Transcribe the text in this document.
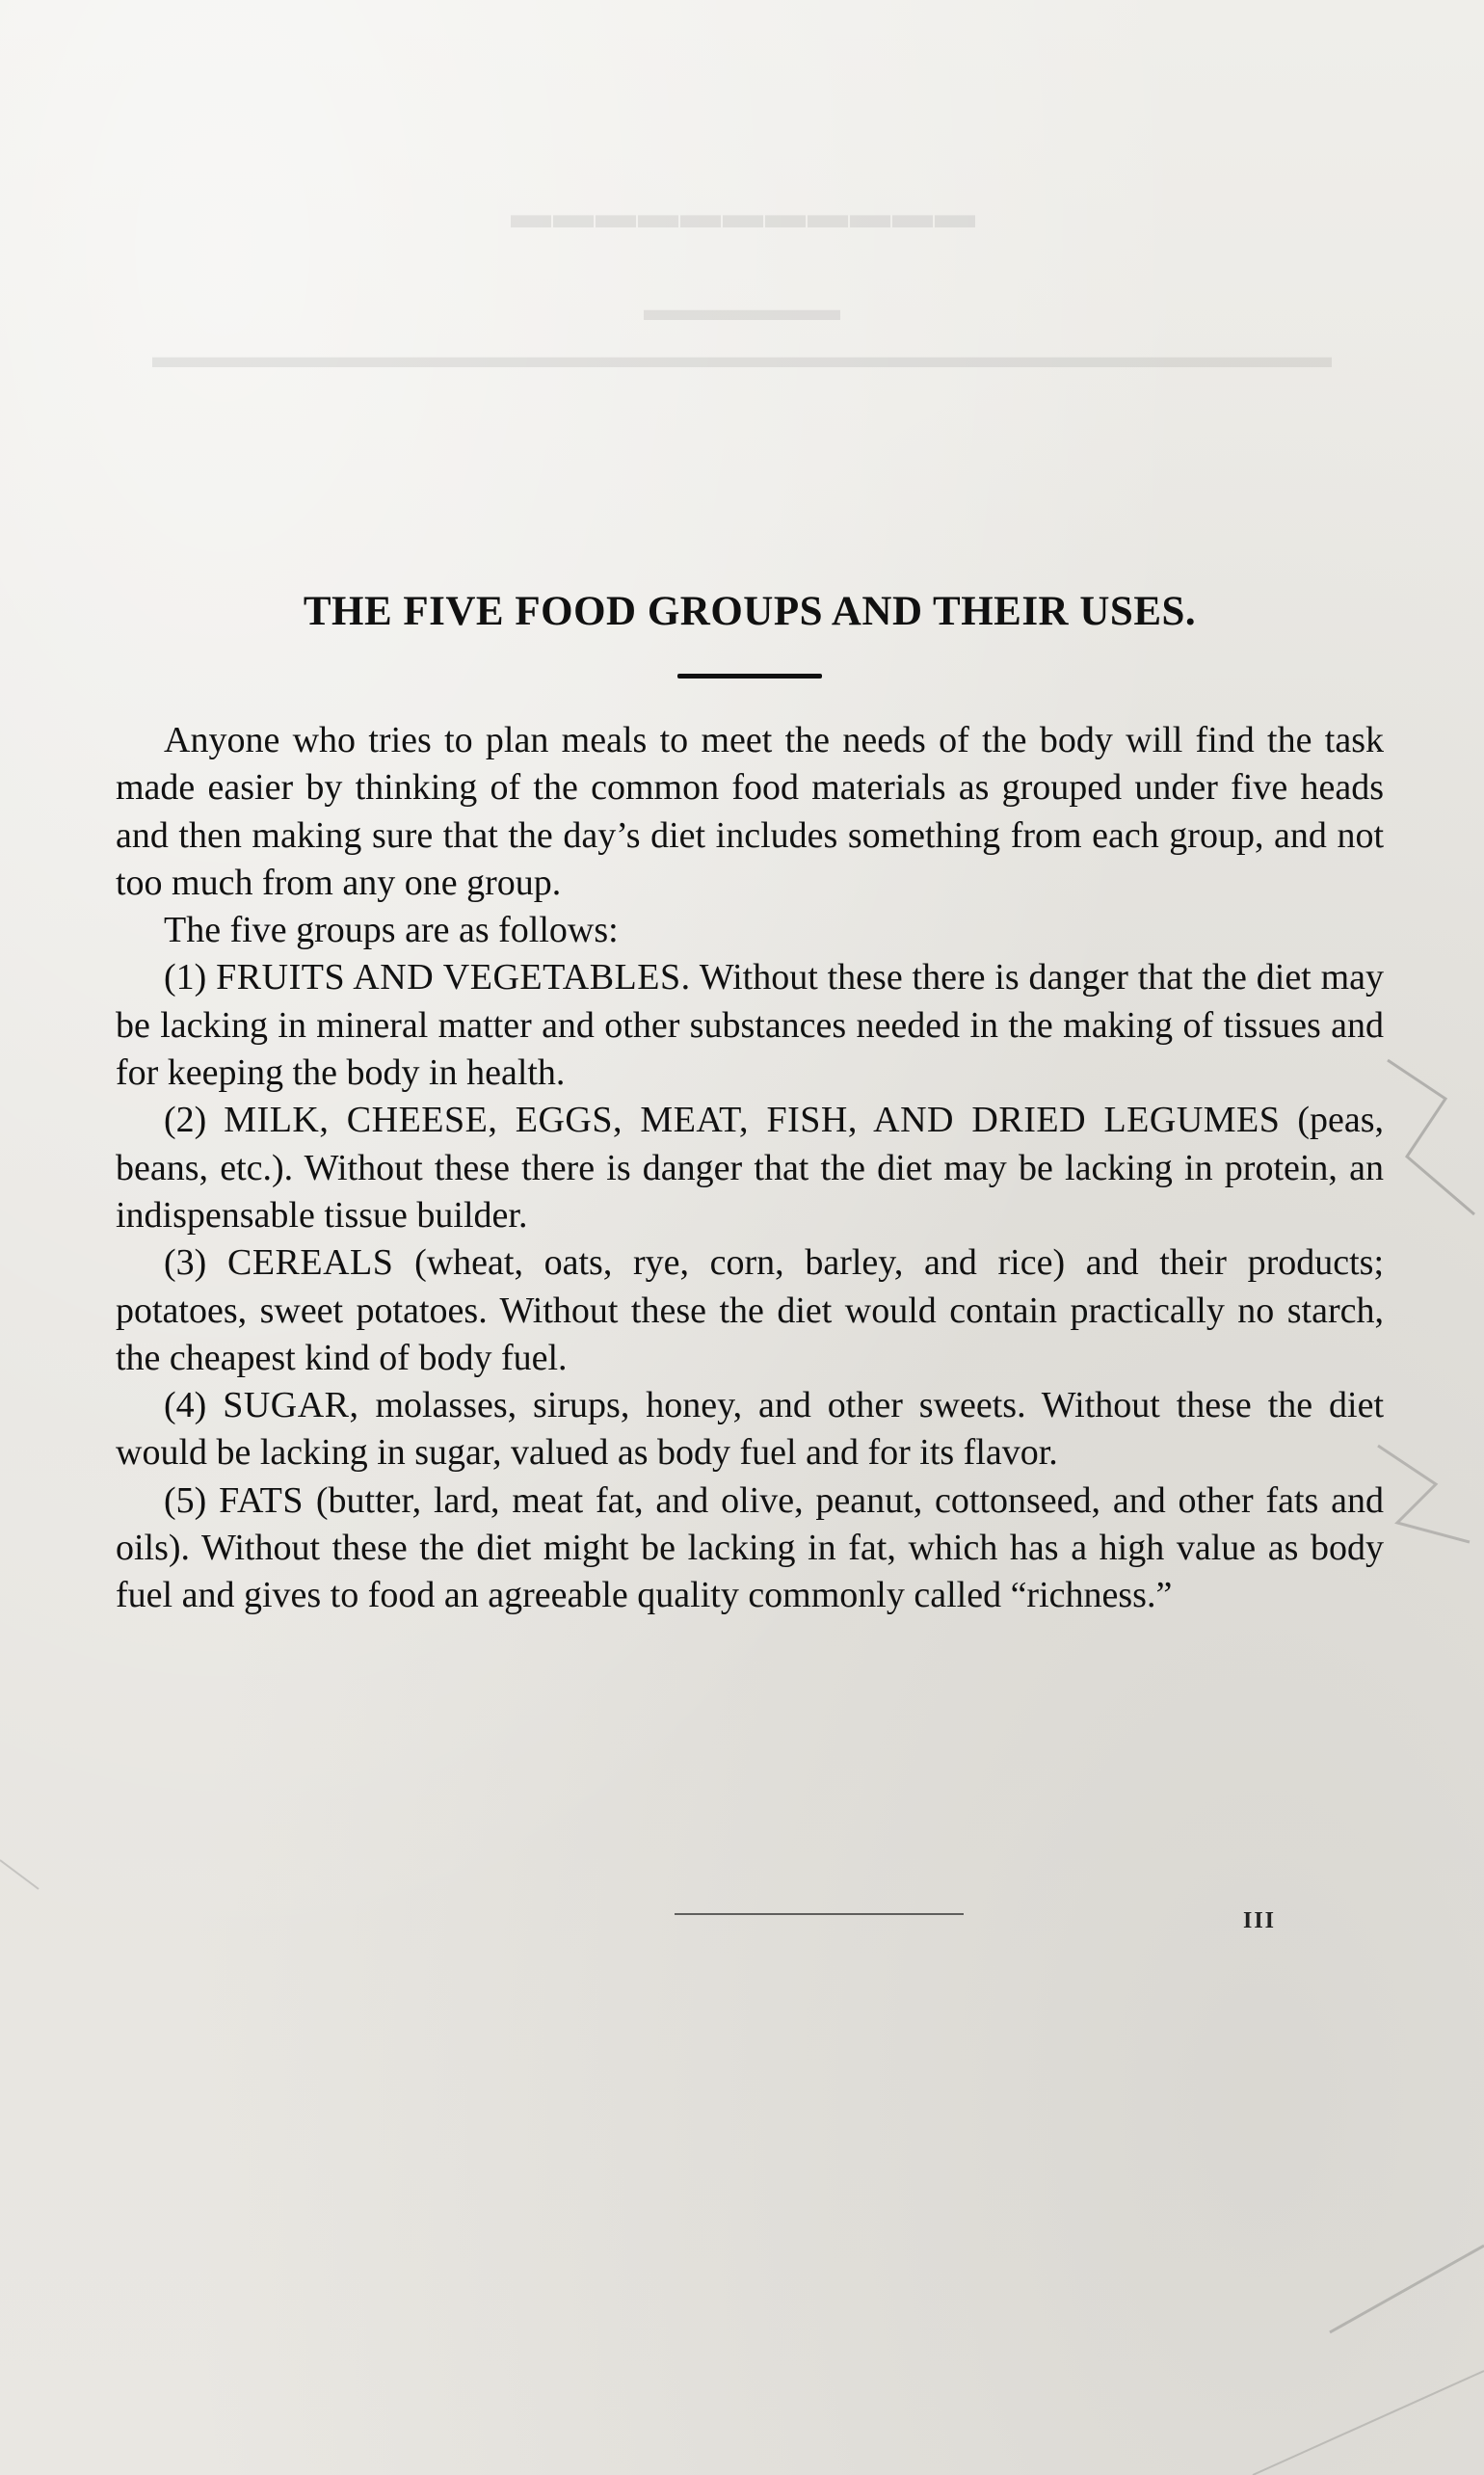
▬▬▬▬▬▬▬▬▬▬▬

▬▬▬▬▬▬ ▬▬▬▬▬▬▬▬▬▬▬▬▬▬▬▬▬▬▬▬▬▬▬▬▬▬▬▬▬▬▬▬▬▬▬▬

THE FIVE FOOD GROUPS AND THEIR USES.

Anyone who tries to plan meals to meet the needs of the body will find the task made easier by thinking of the common food materials as grouped under five heads and then making sure that the day’s diet includes something from each group, and not too much from any one group.

The five groups are as follows:

(1) FRUITS AND VEGETABLES. Without these there is danger that the diet may be lacking in mineral matter and other substances needed in the making of tissues and for keeping the body in health.

(2) MILK, CHEESE, EGGS, MEAT, FISH, AND DRIED LEGUMES (peas, beans, etc.). Without these there is danger that the diet may be lacking in protein, an indispensable tissue builder.

(3) CEREALS (wheat, oats, rye, corn, barley, and rice) and their products; potatoes, sweet potatoes. Without these the diet would contain practically no starch, the cheapest kind of body fuel.

(4) SUGAR, molasses, sirups, honey, and other sweets. Without these the diet would be lacking in sugar, valued as body fuel and for its flavor.

(5) FATS (butter, lard, meat fat, and olive, peanut, cottonseed, and other fats and oils). Without these the diet might be lacking in fat, which has a high value as body fuel and gives to food an agreeable quality commonly called “richness.”

III
